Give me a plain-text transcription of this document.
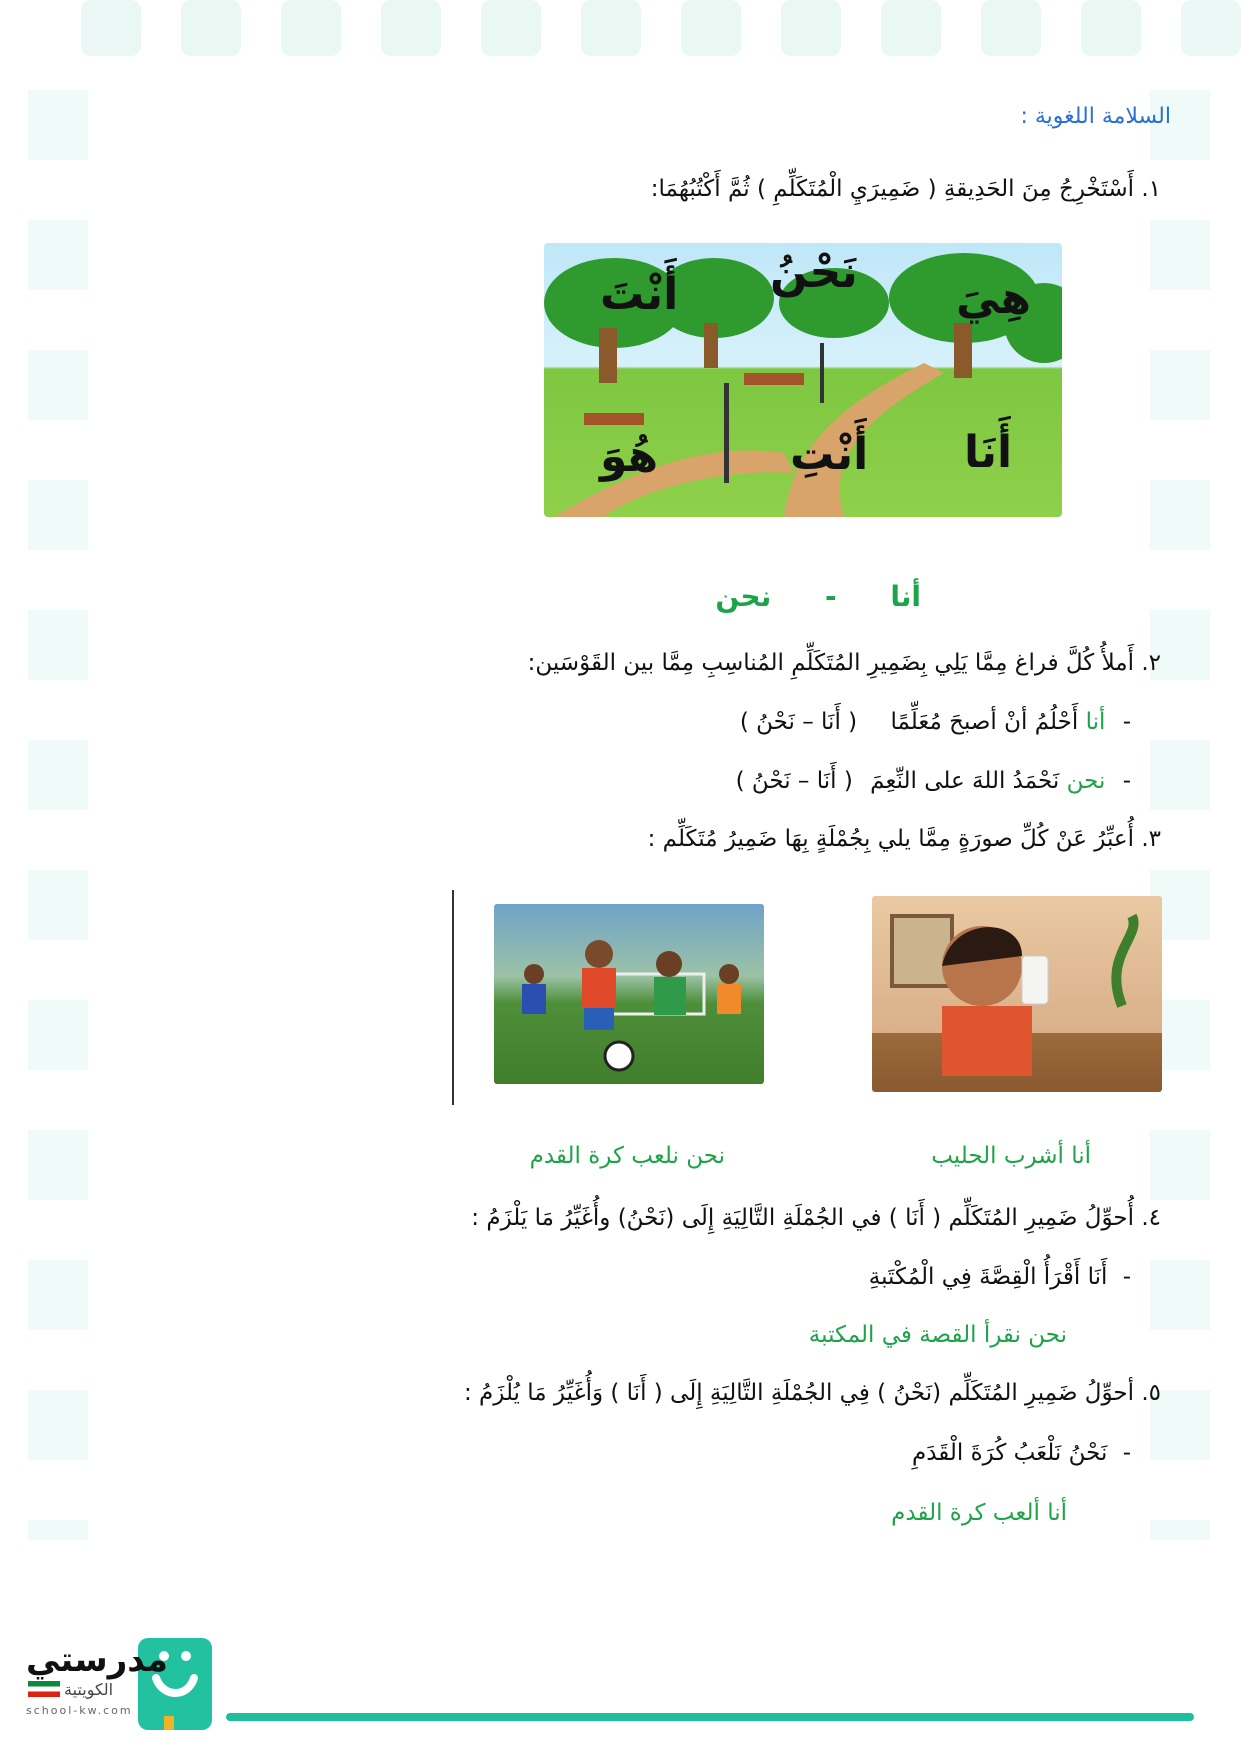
السلامة اللغوية :
١. أَسْتَخْرِجُ مِنَ الحَدِيقةِ ( ضَمِيرَيِ الْمُتَكَلِّمِ ) ثُمَّ أَكْتُبُهُمَا:
أَنْتَ نَحْنُ
هِيَ
هُوَ	أَنْتِ أَنَا
أنا - نحن
٢. أَملأُ كُلَّ فراغ مِمَّا يَلِي بِضَمِيرِ المُتَكَلِّمِ المُناسِبِ مِمَّا بين القَوْسَين:
- أنا أَحْلُمُ أنْ أصبحَ مُعَلِّمًا ( أَنَا – نَحْنُ )
- نحن نَحْمَدُ اللهَ على النِّعِمَ ( أَنَا – نَحْنُ )
٣. أُعبِّرُ عَنْ كُلِّ صورَةٍ مِمَّا يلي بِجُمْلَةٍ بِهَا ضَمِيرُ مُتَكَلِّم :
أنا أشرب الحليب
نحن نلعب كرة القدم
٤. أُحوِّلُ ضَمِيرِ المُتَكَلِّم ( أَنَا ) في الجُمْلَةِ التَّالِيَةِ إِلَى (نَحْنُ) وأُغَيِّرُ مَا يَلْزَمُ :
- أَنَا أَقْرَأُ الْقِصَّةَ فِي الْمُكْتَبةِ
نحن نقرأ القصة في المكتبة
٥. أحوِّلُ ضَمِيرِ المُتَكَلِّم (نَحْنُ ) فِي الجُمْلَةِ التَّالِيَةِ إِلَى ( أَنَا ) وَأُغَيِّرُ مَا يُلْزَمُ :
- نَحْنُ نَلْعَبُ كُرَةَ الْقَدَمِ
أنا ألعب كرة القدم
مدرستي
الكويتية
school-kw.com
